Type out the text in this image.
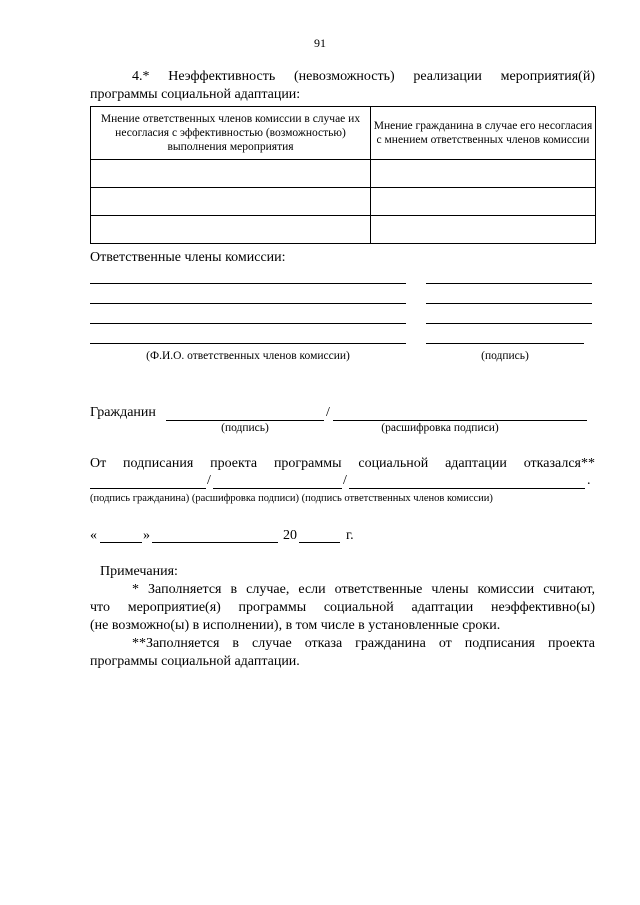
91
4.* Неэффективность (невозможность) реализации мероприятия(й)
программы социальной адаптации:
Мнение ответственных членов комиссии в случае их несогласия с эффективностью (возможностью) выполнения мероприятия	Мнение гражданина в случае его несогласия с мнением ответственных членов комиссии

Ответственные члены комиссии:
(Ф.И.О. ответственных членов комиссии)	(подпись)
Гражданин	/
(подпись)	(расшифровка подписи)
От подписания проекта программы социальной адаптации отказался**
/	/	.
(подпись гражданина) (расшифровка подписи) (подпись ответственных членов комиссии)
«	»	20	г.
Примечания:
* Заполняется в случае, если ответственные члены комиссии считают,
что мероприятие(я) программы социальной адаптации неэффективно(ы)
(не возможно(ы) в исполнении), в том числе в установленные сроки.
**Заполняется в случае отказа гражданина от подписания проекта
программы социальной адаптации.
